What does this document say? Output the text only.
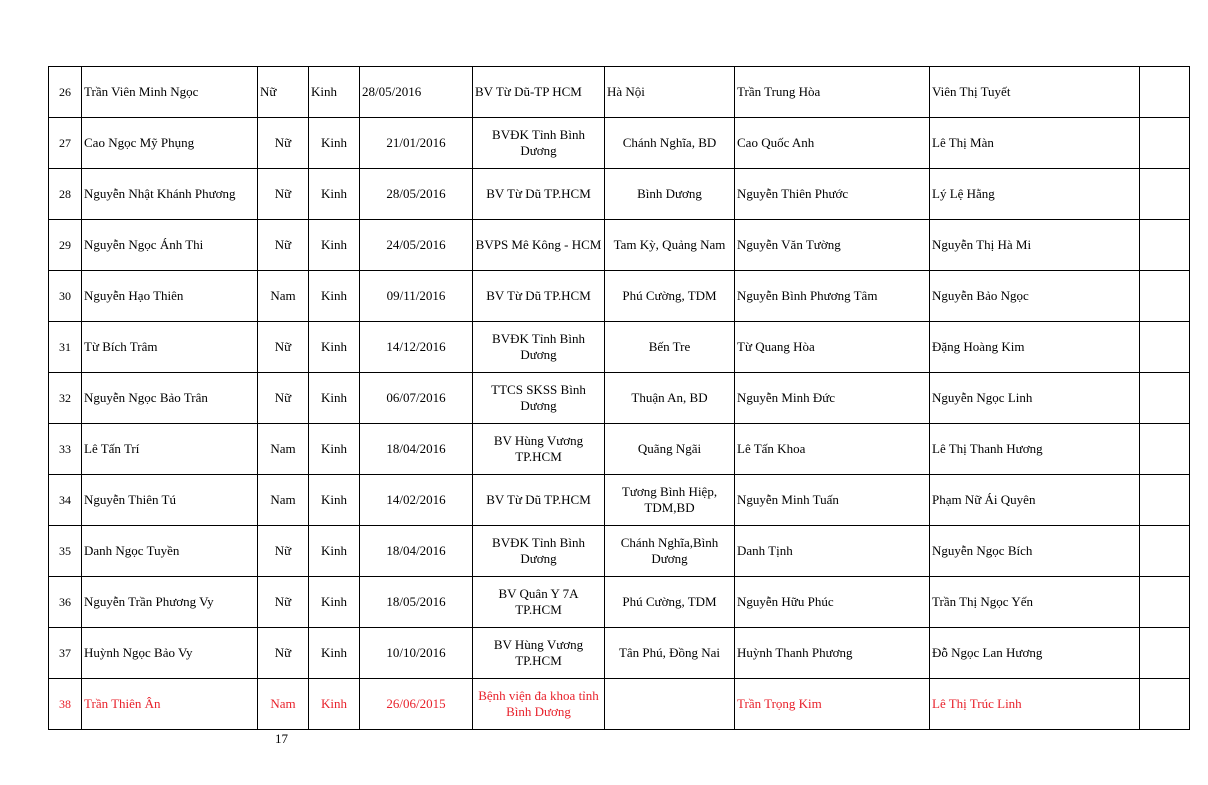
26	Trần Viên Minh Ngọc	Nữ	Kinh	28/05/2016	BV Từ Dũ-TP HCM	Hà Nội	Trần Trung Hòa	Viên Thị Tuyết	
27	Cao Ngọc Mỹ Phụng	Nữ	Kinh	21/01/2016	BVĐK Tỉnh Bình Dương	Chánh Nghĩa, BD	Cao Quốc Anh	Lê Thị Màn	
28	Nguyễn Nhật Khánh Phương	Nữ	Kinh	28/05/2016	BV Từ Dũ TP.HCM	Bình Dương	Nguyễn Thiên Phước	Lý Lệ Hằng	
29	Nguyễn Ngọc Ánh Thi	Nữ	Kinh	24/05/2016	BVPS Mê Kông - HCM	Tam Kỳ, Quảng Nam	Nguyễn Văn Tường	Nguyễn Thị Hà Mi	
30	Nguyễn Hạo Thiên	Nam	Kinh	09/11/2016	BV Từ Dũ TP.HCM	Phú Cường, TDM	Nguyễn Bình Phương Tâm	Nguyễn Bảo Ngọc	
31	Từ Bích Trâm	Nữ	Kinh	14/12/2016	BVĐK Tỉnh Bình Dương	Bến Tre	Từ Quang Hòa	Đặng Hoàng Kim	
32	Nguyễn Ngọc Bảo Trân	Nữ	Kinh	06/07/2016	TTCS SKSS Bình Dương	Thuận An, BD	Nguyễn Minh Đức	Nguyễn Ngọc Linh	
33	Lê Tấn Trí	Nam	Kinh	18/04/2016	BV Hùng Vương TP.HCM	Quãng Ngãi	Lê Tấn Khoa	Lê Thị Thanh Hương	
34	Nguyễn Thiên Tú	Nam	Kinh	14/02/2016	BV Từ Dũ TP.HCM	Tương Bình Hiệp, TDM,BD	Nguyễn Minh Tuấn	Phạm Nữ Ái Quyên	
35	Danh Ngọc Tuyền	Nữ	Kinh	18/04/2016	BVĐK Tỉnh Bình Dương	Chánh Nghĩa,Bình Dương	Danh Tịnh	Nguyễn Ngọc Bích	
36	Nguyễn Trần Phương Vy	Nữ	Kinh	18/05/2016	BV Quân Y 7A TP.HCM	Phú Cường, TDM	Nguyễn Hữu Phúc	Trần Thị Ngọc Yến	
37	Huỳnh Ngọc Bảo Vy	Nữ	Kinh	10/10/2016	BV Hùng Vương TP.HCM	Tân Phú, Đồng Nai	Huỳnh Thanh Phương	Đỗ Ngọc Lan Hương	
38	Trần Thiên Ân	Nam	Kinh	26/06/2015	Bệnh viện đa khoa tỉnh Bình Dương		Trần Trọng Kim	Lê Thị Trúc Linh	
17
